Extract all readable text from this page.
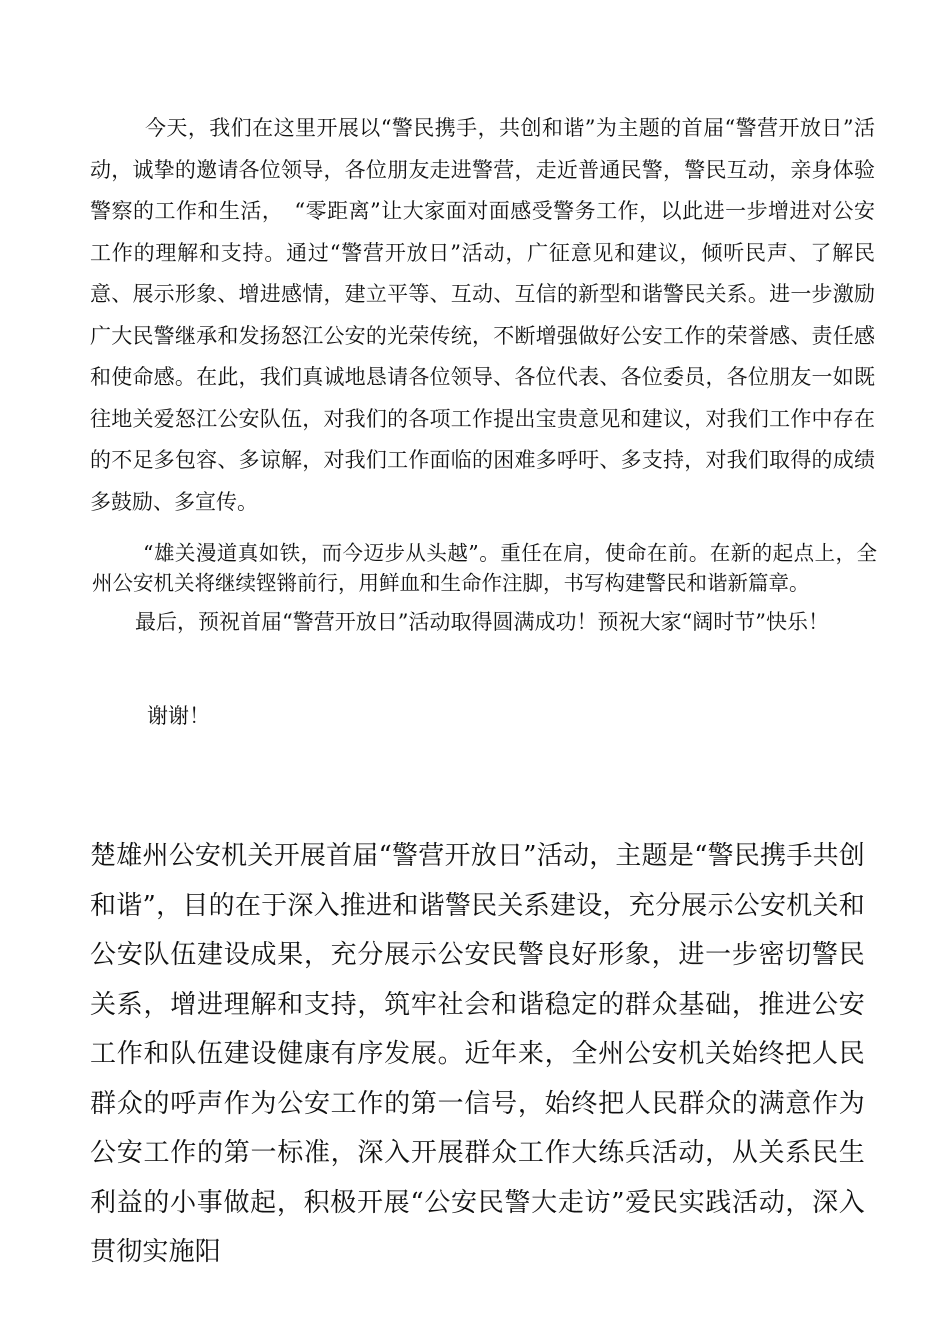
今天，我们在这里开展以“警民携手，共创和谐”为主题的首届“警营开放日”活动，诚挚的邀请各位领导，各位朋友走进警营，走近普通民警，警民互动，亲身体验警察的工作和生活，　“零距离”让大家面对面感受警务工作，以此进一步增进对公安工作的理解和支持。通过“警营开放日”活动，广征意见和建议，倾听民声、了解民意、展示形象、增进感情，建立平等、互动、互信的新型和谐警民关系。进一步激励广大民警继承和发扬怒江公安的光荣传统，不断增强做好公安工作的荣誉感、责任感和使命感。在此，我们真诚地恳请各位领导、各位代表、各位委员，各位朋友一如既往地关爱怒江公安队伍，对我们的各项工作提出宝贵意见和建议，对我们工作中存在的不足多包容、多谅解，对我们工作面临的困难多呼吁、多支持，对我们取得的成绩多鼓励、多宣传。

“雄关漫道真如铁，而今迈步从头越”。重任在肩，使命在前。在新的起点上，全州公安机关将继续铿锵前行，用鲜血和生命作注脚，书写构建警民和谐新篇章。

最后，预祝首届“警营开放日”活动取得圆满成功！预祝大家“阔时节”快乐！

谢谢！

楚雄州公安机关开展首届“警营开放日”活动，主题是“警民携手共创和谐”，目的在于深入推进和谐警民关系建设，充分展示公安机关和公安队伍建设成果，充分展示公安民警良好形象，进一步密切警民关系，增进理解和支持，筑牢社会和谐稳定的群众基础，推进公安工作和队伍建设健康有序发展。近年来，全州公安机关始终把人民群众的呼声作为公安工作的第一信号，始终把人民群众的满意作为公安工作的第一标准，深入开展群众工作大练兵活动，从关系民生利益的小事做起，积极开展“公安民警大走访”爱民实践活动，深入贯彻实施阳
